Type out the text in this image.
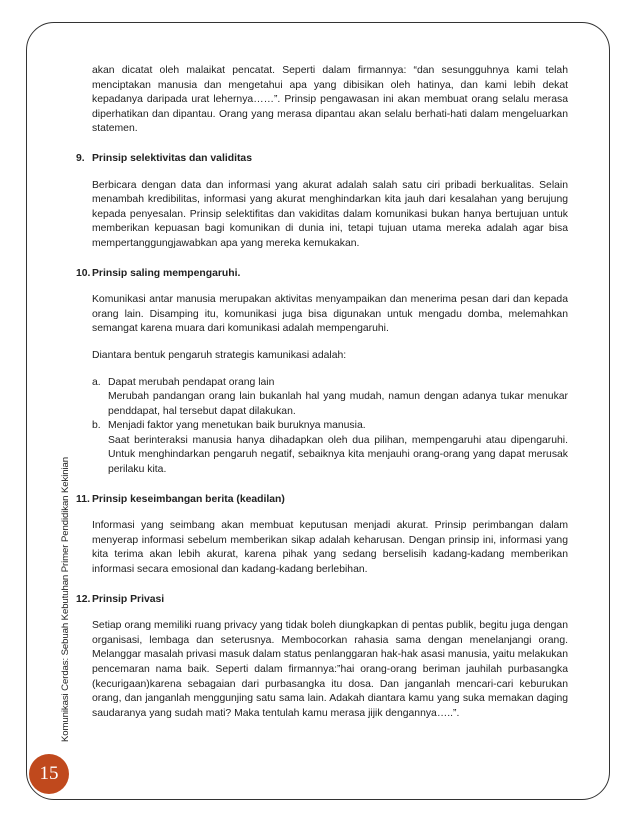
Komunikasi Cerdas: Sebuah Kebutuhan Primer Pendidikan Kekinian
15

akan dicatat oleh malaikat pencatat. Seperti dalam firmannya: “dan sesungguhnya kami telah menciptakan manusia dan mengetahui apa yang dibisikan oleh hatinya, dan kami lebih dekat kepadanya daripada urat lehernya……”. Prinsip pengawasan ini akan membuat orang selalu merasa diperhatikan dan dipantau. Orang yang merasa dipantau akan selalu berhati-hati dalam mengeluarkan statemen.

9. Prinsip selektivitas dan validitas

Berbicara dengan data dan informasi yang akurat adalah salah satu ciri pribadi berkualitas. Selain menambah kredibilitas, informasi yang akurat menghindarkan kita jauh dari kesalahan yang berujung kepada penyesalan. Prinsip selektifitas dan vakiditas dalam komunikasi bukan hanya bertujuan untuk memberikan kepuasan bagi komunikan di dunia ini, tetapi tujuan utama mereka adalah agar bisa mempertanggungjawabkan apa yang mereka kemukakan.

10. Prinsip saling mempengaruhi.

Komunikasi antar manusia merupakan aktivitas menyampaikan dan menerima pesan dari dan kepada orang lain. Disamping itu, komunikasi juga bisa digunakan untuk mengadu domba, melemahkan semangat karena muara dari komunikasi adalah mempengaruhi.

Diantara bentuk pengaruh strategis kamunikasi adalah:

a. Dapat merubah pendapat orang lain
Merubah pandangan orang lain bukanlah hal yang mudah, namun dengan adanya tukar menukar penddapat, hal tersebut dapat dilakukan.
b. Menjadi faktor yang menetukan baik buruknya manusia.
Saat berinteraksi manusia hanya dihadapkan oleh dua pilihan, mempengaruhi atau dipengaruhi. Untuk menghindarkan pengaruh negatif, sebaiknya kita menjauhi orang-orang yang dapat merusak perilaku kita.

11. Prinsip keseimbangan berita (keadilan)

Informasi yang seimbang akan membuat keputusan menjadi akurat. Prinsip perimbangan dalam menyerap informasi sebelum memberikan sikap adalah keharusan. Dengan prinsip ini, informasi yang kita terima akan lebih akurat, karena pihak yang sedang berselisih kadang-kadang memberikan informasi secara emosional dan kadang-kadang berlebihan.

12. Prinsip Privasi

Setiap orang memiliki ruang privacy yang tidak boleh diungkapkan di pentas publik, begitu juga dengan organisasi, lembaga dan seterusnya. Membocorkan rahasia sama dengan menelanjangi orang. Melanggar masalah privasi masuk dalam status penlanggaran hak-hak asasi manusia, yaitu melakukan pencemaran nama baik. Seperti dalam firmannya:”hai orang-orang beriman jauhilah purbasangka (kecurigaan)karena sebagaian dari purbasangka itu dosa. Dan janganlah mencari-cari keburukan orang, dan janganlah menggunjing satu sama lain. Adakah diantara kamu yang suka memakan daging saudaranya yang sudah mati? Maka tentulah kamu merasa jijik dengannya…..”.
